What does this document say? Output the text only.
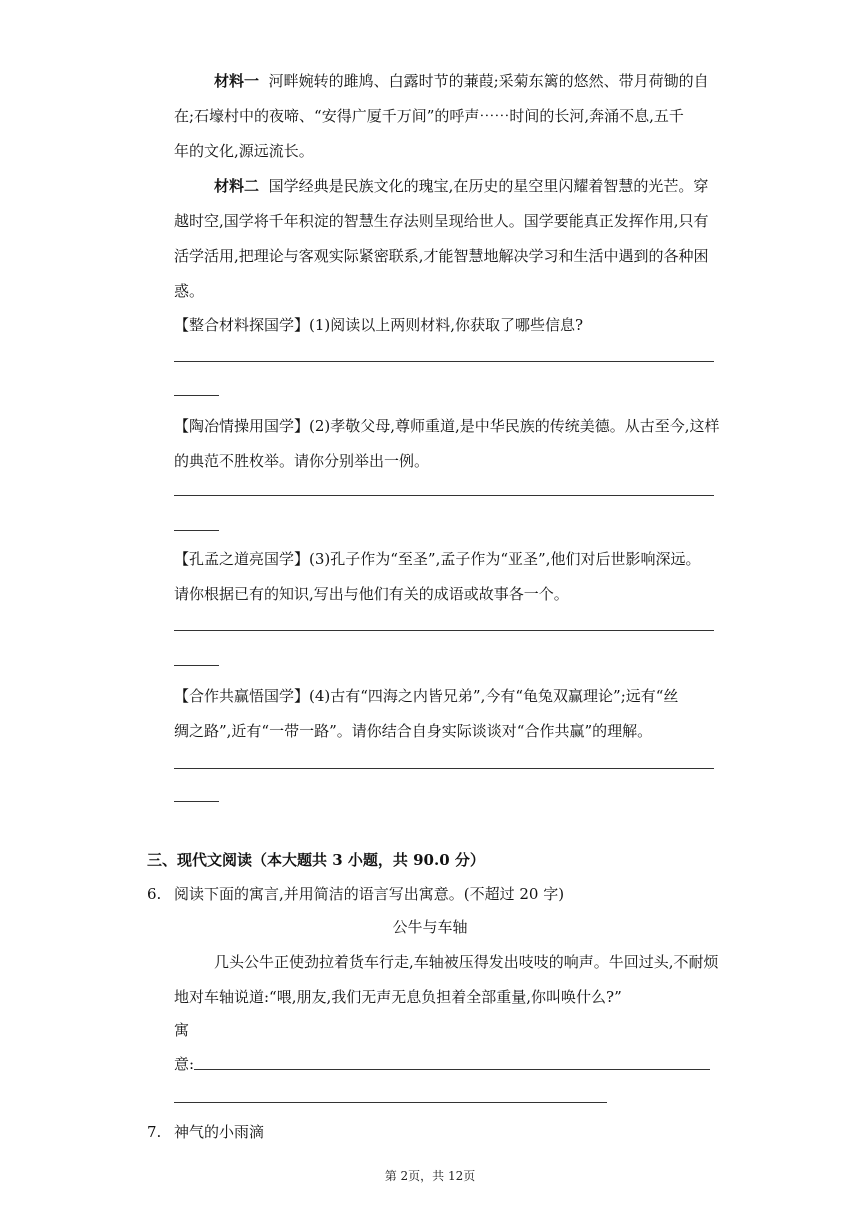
材料一 河畔婉转的雎鸠、白露时节的蒹葭;采菊东篱的悠然、带月荷锄的自
在;石壕村中的夜啼、“安得广厦千万间”的呼声⋯⋯时间的长河,奔涌不息,五千
年的文化,源远流长。
材料二 国学经典是民族文化的瑰宝,在历史的星空里闪耀着智慧的光芒。穿
越时空,国学将千年积淀的智慧生存法则呈现给世人。国学要能真正发挥作用,只有
活学活用,把理论与客观实际紧密联系,才能智慧地解决学习和生活中遇到的各种困
惑。
【整合材料探国学】(1)阅读以上两则材料,你获取了哪些信息?
【陶冶情操用国学】(2)孝敬父母,尊师重道,是中华民族的传统美德。从古至今,这样
的典范不胜枚举。请你分别举出一例。
【孔孟之道亮国学】(3)孔子作为“至圣”,孟子作为“亚圣”,他们对后世影响深远。
请你根据已有的知识,写出与他们有关的成语或故事各一个。
【合作共赢悟国学】(4)古有“四海之内皆兄弟”,今有“龟兔双赢理论”;远有“丝
绸之路”,近有“一带一路”。请你结合自身实际谈谈对“合作共赢”的理解。
三、现代文阅读（本大题共 3 小题，共 90.0 分）
6. 阅读下面的寓言,并用简洁的语言写出寓意。(不超过 20 字)
公牛与车轴
几头公牛正使劲拉着货车行走,车轴被压得发出吱吱的响声。牛回过头,不耐烦
地对车轴说道:“喂,朋友,我们无声无息负担着全部重量,你叫唤什么?”
寓
意:
7. 神气的小雨滴
第 2页，共 12页
